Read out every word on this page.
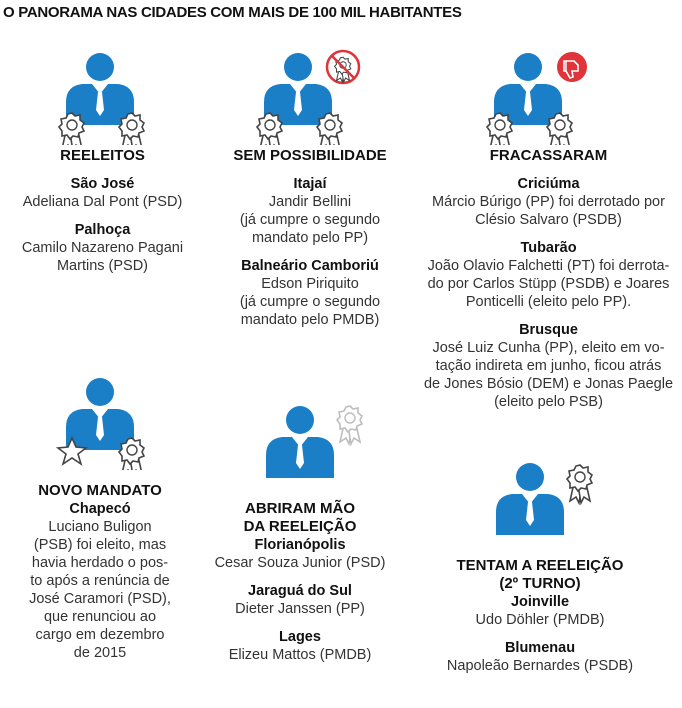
O PANORAMA NAS CIDADES COM MAIS DE 100 MIL HABITANTES
REELEITOS
São José
Adeliana Dal Pont (PSD)
Palhoça
Camilo Nazareno Pagani
Martins (PSD)
SEM POSSIBILIDADE
Itajaí
Jandir Bellini
(já cumpre o segundo
mandato pelo PP)
Balneário Camboriú
Edson Piriquito
(já cumpre o segundo
mandato pelo PMDB)
FRACASSARAM
Criciúma
Márcio Búrigo (PP) foi derrotado por
Clésio Salvaro (PSDB)
Tubarão
João Olavio Falchetti (PT) foi derrota-
do por Carlos Stüpp (PSDB) e Joares
Ponticelli (eleito pelo PP).
Brusque
José Luiz Cunha (PP), eleito em vo-
tação indireta em junho, ficou atrás
de Jones Bósio (DEM) e Jonas Paegle
(eleito pelo PSB)
NOVO MANDATO
Chapecó
Luciano Buligon
(PSB) foi eleito, mas
havia herdado o pos-
to após a renúncia de
José Caramori (PSD),
que renunciou ao
cargo em dezembro
de 2015
ABRIRAM MÃO
DA REELEIÇÃO
Florianópolis
Cesar Souza Junior (PSD)
Jaraguá do Sul
Dieter Janssen (PP)
Lages
Elizeu Mattos (PMDB)
TENTAM A REELEIÇÃO
(2º TURNO)
Joinville
Udo Döhler (PMDB)
Blumenau
Napoleão Bernardes (PSDB)
